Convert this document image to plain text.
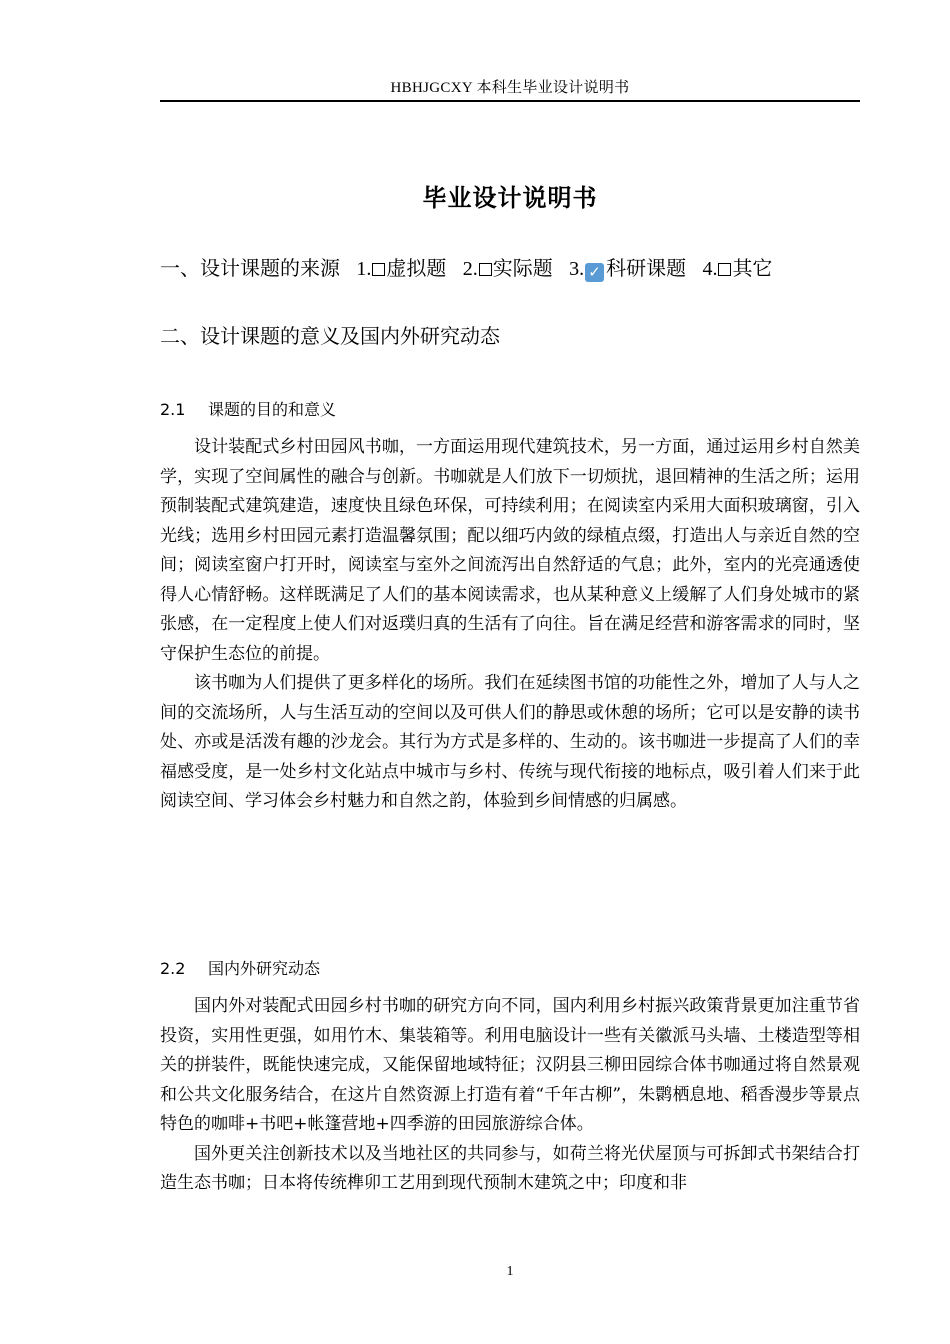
HBHJGCXY 本科生毕业设计说明书
毕业设计说明书
一、设计课题的来源 1. 虚拟题 2. 实际题 3. ✓ 科研课题 4. 其它
二、设计课题的意义及国内外研究动态
2.1 课题的目的和意义

设计装配式乡村田园风书咖，一方面运用现代建筑技术，另一方面，通过运用乡村自然美学，实现了空间属性的融合与创新。书咖就是人们放下一切烦扰，退回精神的生活之所；运用预制装配式建筑建造，速度快且绿色环保，可持续利用；在阅读室内采用大面积玻璃窗，引入光线；选用乡村田园元素打造温馨氛围；配以细巧内敛的绿植点缀，打造出人与亲近自然的空间；阅读室窗户打开时，阅读室与室外之间流泻出自然舒适的气息；此外，室内的光亮通透使得人心情舒畅。这样既满足了人们的基本阅读需求，也从某种意义上缓解了人们身处城市的紧张感，在一定程度上使人们对返璞归真的生活有了向往。旨在满足经营和游客需求的同时，坚守保护生态位的前提。

该书咖为人们提供了更多样化的场所。我们在延续图书馆的功能性之外，增加了人与人之间的交流场所，人与生活互动的空间以及可供人们的静思或休憩的场所；它可以是安静的读书处、亦或是活泼有趣的沙龙会。其行为方式是多样的、生动的。该书咖进一步提高了人们的幸福感受度，是一处乡村文化站点中城市与乡村、传统与现代衔接的地标点，吸引着人们来于此阅读空间、学习体会乡村魅力和自然之韵，体验到乡间情感的归属感。

2.2 国内外研究动态

国内外对装配式田园乡村书咖的研究方向不同，国内利用乡村振兴政策背景更加注重节省投资，实用性更强，如用竹木、集装箱等。利用电脑设计一些有关徽派马头墙、土楼造型等相关的拼装件，既能快速完成，又能保留地域特征；汉阴县三柳田园综合体书咖通过将自然景观和公共文化服务结合，在这片自然资源上打造有着“千年古柳”，朱鹮栖息地、稻香漫步等景点特色的咖啡+书吧+帐篷营地+四季游的田园旅游综合体。

国外更关注创新技术以及当地社区的共同参与，如荷兰将光伏屋顶与可拆卸式书架结合打造生态书咖；日本将传统榫卯工艺用到现代预制木建筑之中；印度和非

1
